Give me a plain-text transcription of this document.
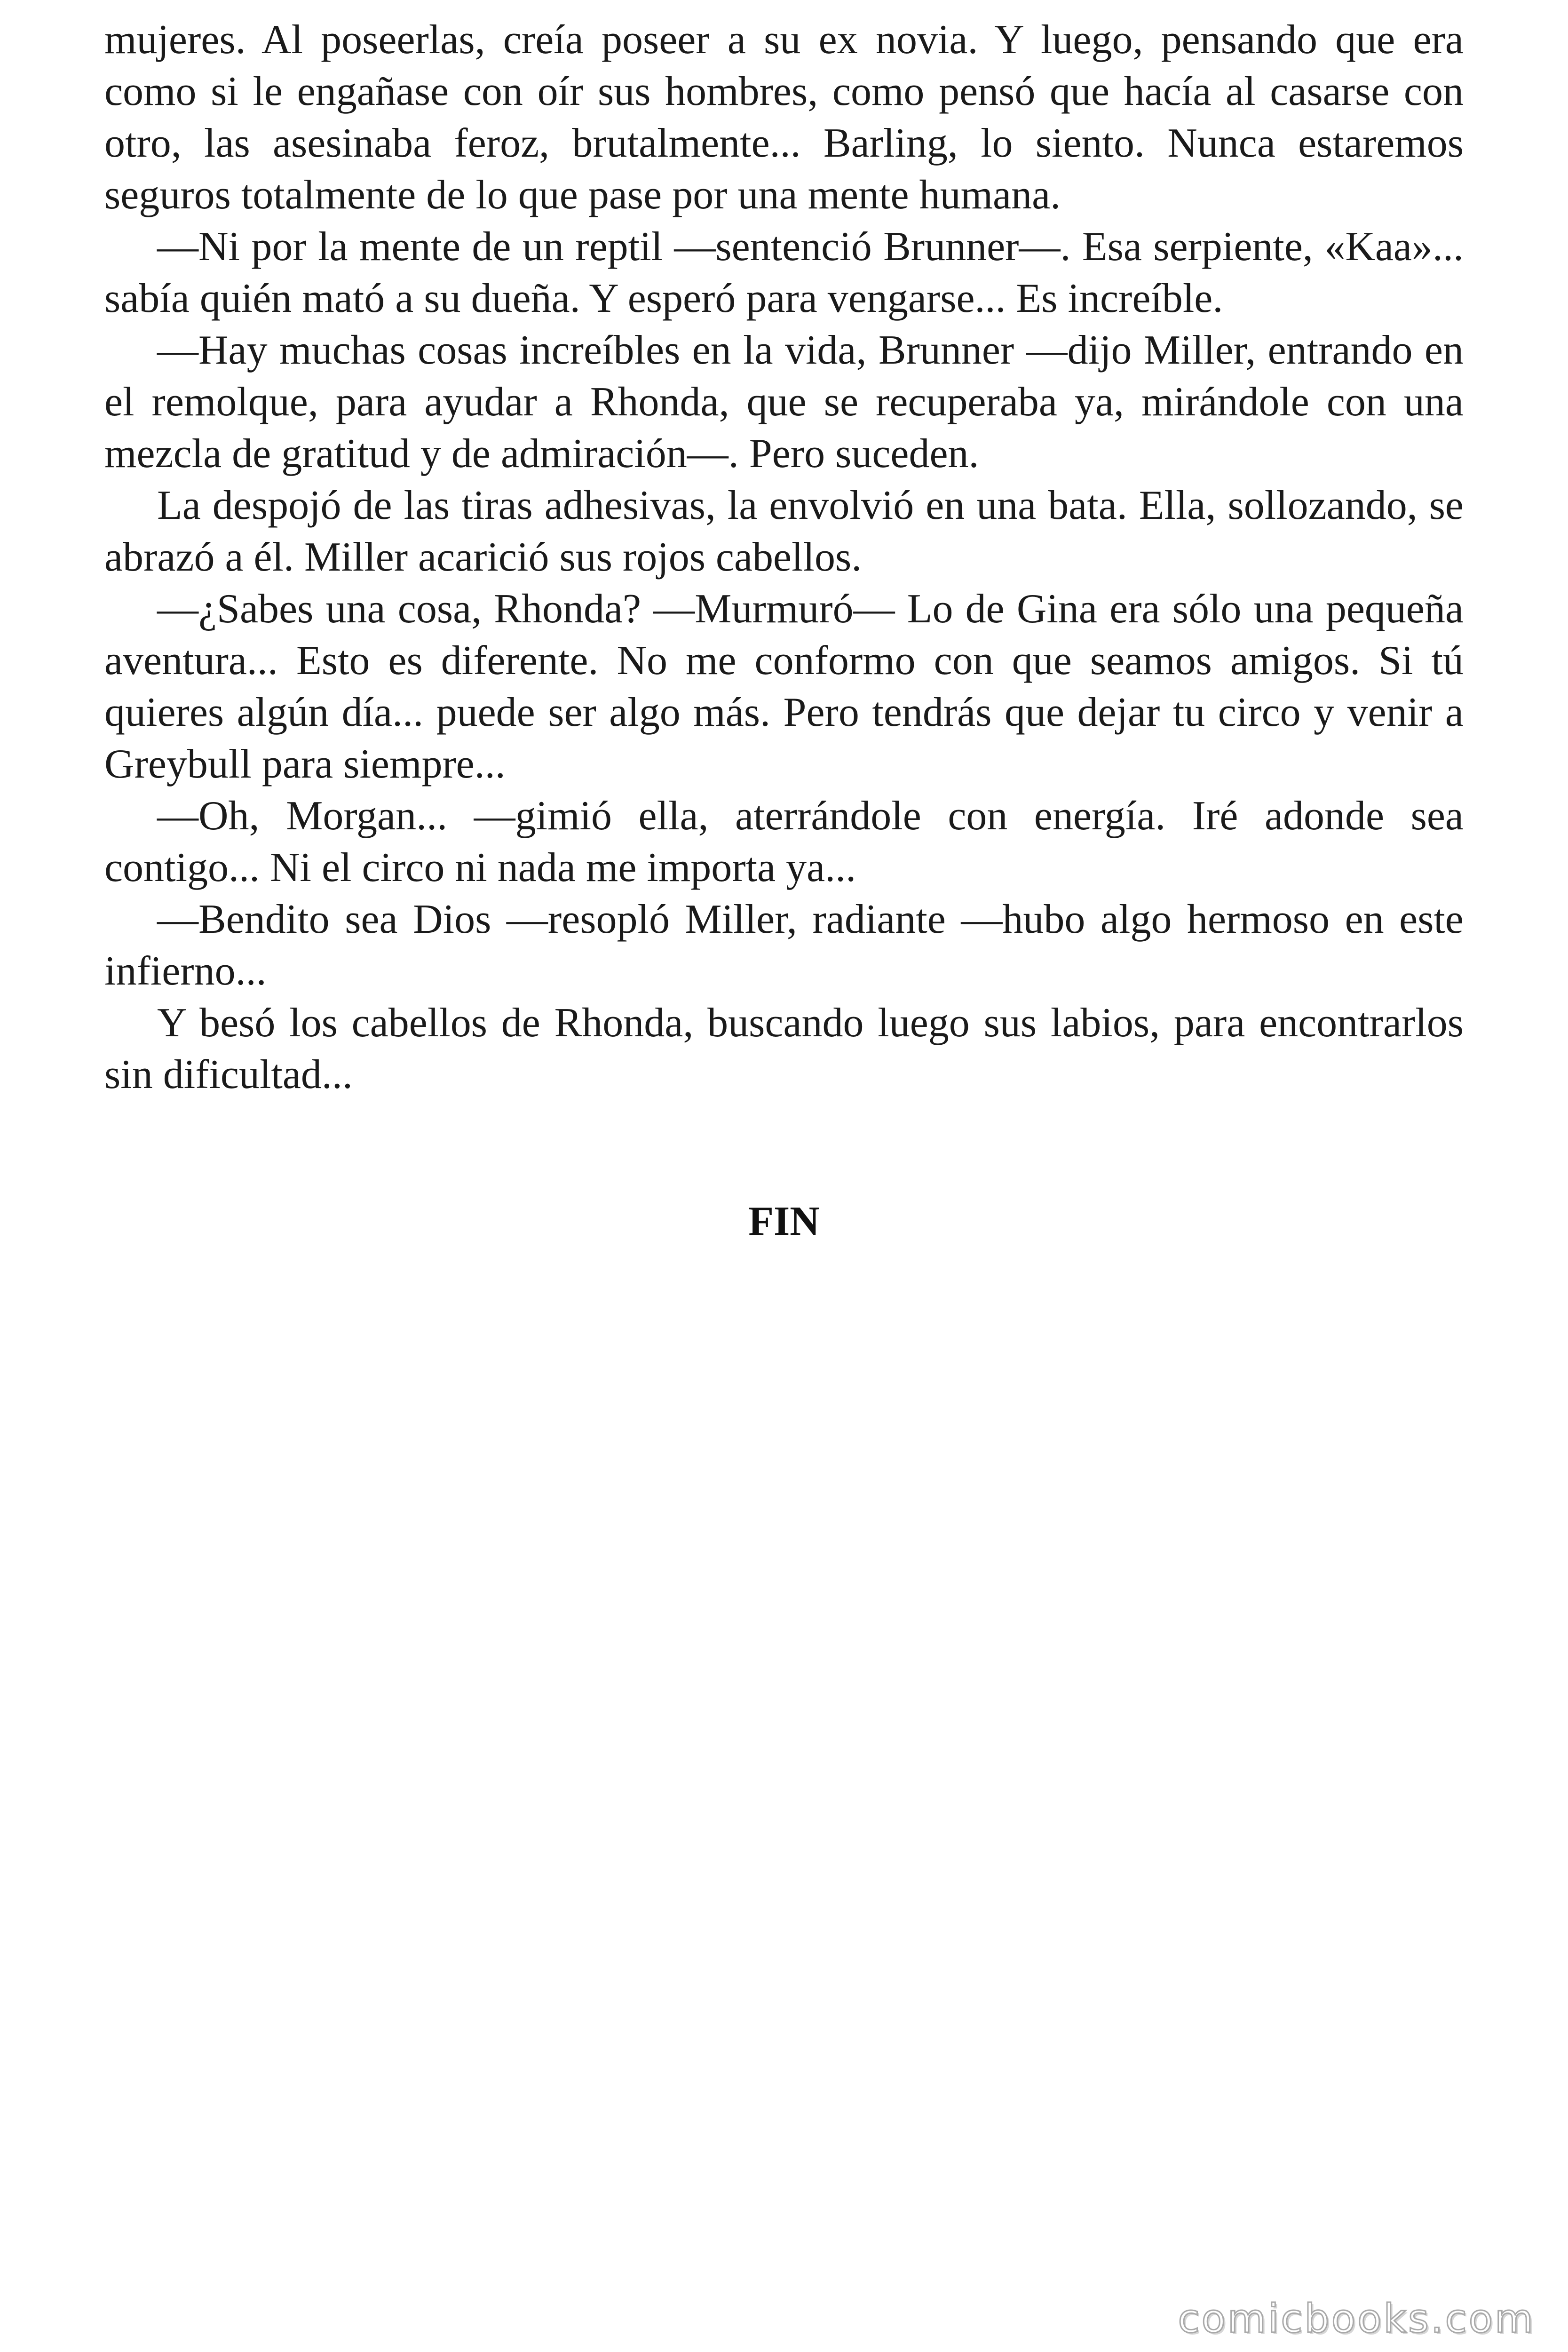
mujeres. Al poseerlas, creía poseer a su ex novia. Y luego, pensando que era como si le engañase con oír sus hombres, como pensó que hacía al casarse con otro, las asesinaba feroz, brutalmente... Barling, lo siento. Nunca estaremos seguros totalmente de lo que pase por una mente humana.

—Ni por la mente de un reptil —sentenció Brunner—. Esa serpiente, «Kaa»... sabía quién mató a su dueña. Y esperó para vengarse... Es increíble.

—Hay muchas cosas increíbles en la vida, Brunner —dijo Miller, entrando en el remolque, para ayudar a Rhonda, que se recuperaba ya, mirándole con una mezcla de gratitud y de admiración—. Pero suceden.

La despojó de las tiras adhesivas, la envolvió en una bata. Ella, sollozando, se abrazó a él. Miller acarició sus rojos cabellos.

—¿Sabes una cosa, Rhonda? —Murmuró— Lo de Gina era sólo una pequeña aventura... Esto es diferente. No me conformo con que seamos amigos. Si tú quieres algún día... puede ser algo más. Pero tendrás que dejar tu circo y venir a Greybull para siempre...

—Oh, Morgan... —gimió ella, aterrándole con energía. Iré adonde sea contigo... Ni el circo ni nada me importa ya...

—Bendito sea Dios —resopló Miller, radiante —hubo algo hermoso en este infierno...

Y besó los cabellos de Rhonda, buscando luego sus labios, para encontrarlos sin dificultad...

FIN
comicbooks.com
